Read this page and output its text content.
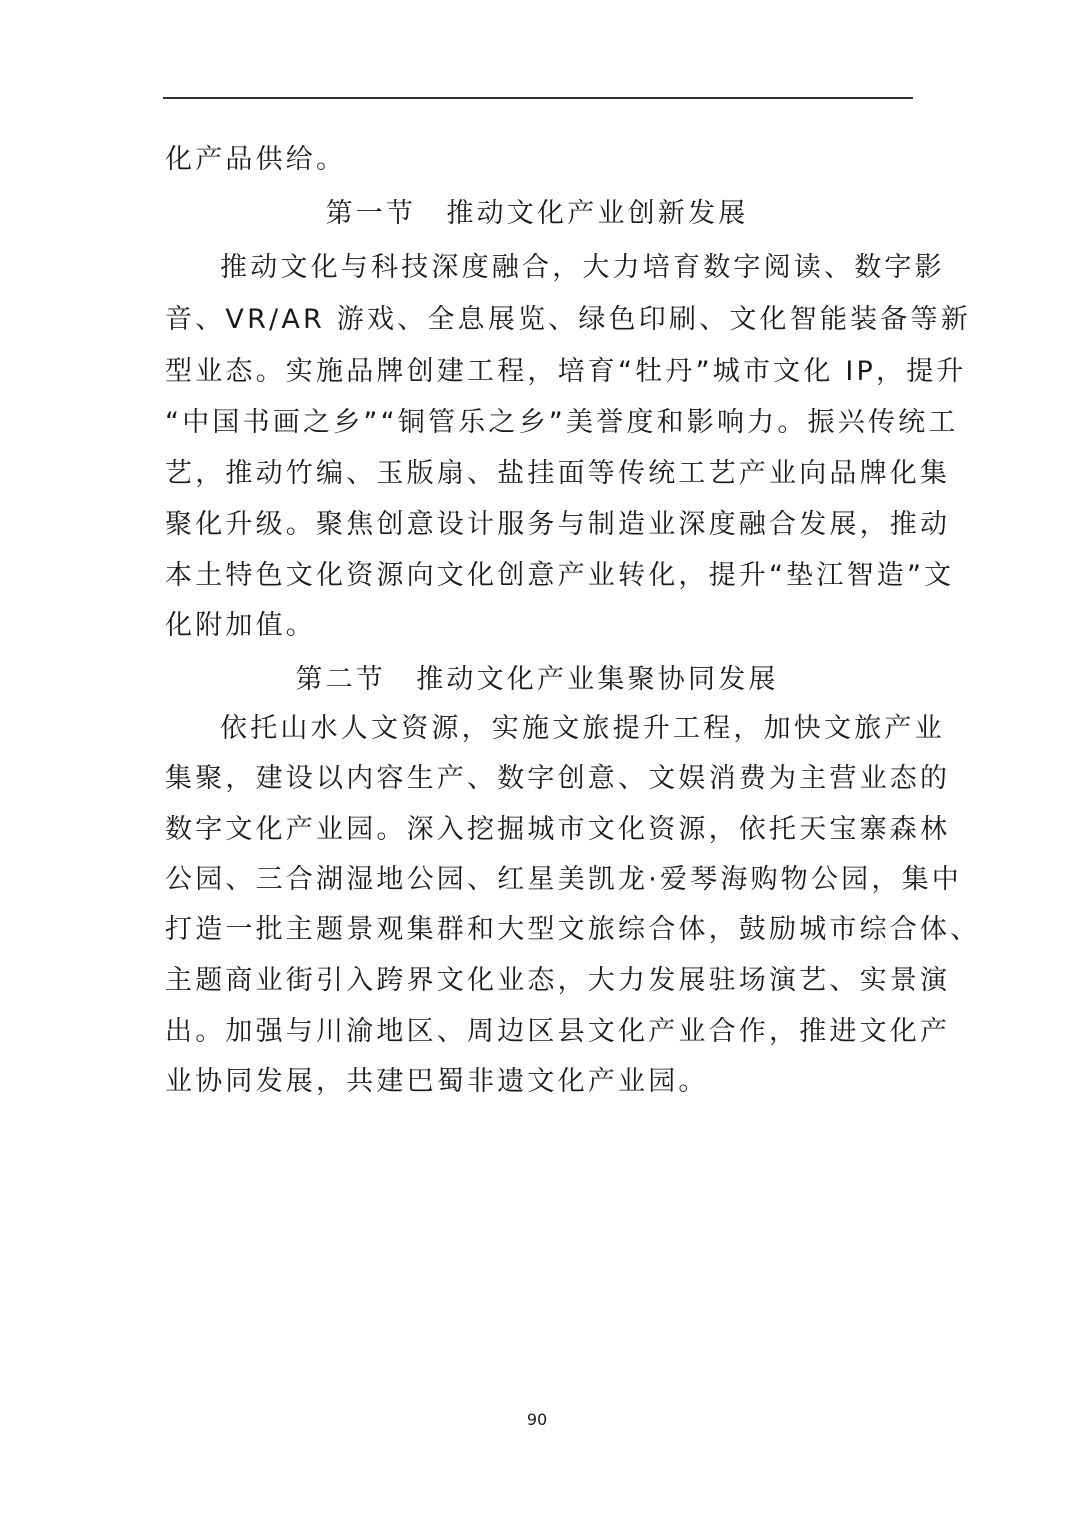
化产品供给。
第一节　推动文化产业创新发展
推动文化与科技深度融合，大力培育数字阅读、数字影
音、VR/AR 游戏、全息展览、绿色印刷、文化智能装备等新
型业态。实施品牌创建工程，培育“牡丹”城市文化 IP，提升
“中国书画之乡”“铜管乐之乡”美誉度和影响力。振兴传统工
艺，推动竹编、玉版扇、盐挂面等传统工艺产业向品牌化集
聚化升级。聚焦创意设计服务与制造业深度融合发展，推动
本土特色文化资源向文化创意产业转化，提升“垫江智造”文
化附加值。
第二节　推动文化产业集聚协同发展
依托山水人文资源，实施文旅提升工程，加快文旅产业
集聚，建设以内容生产、数字创意、文娱消费为主营业态的
数字文化产业园。深入挖掘城市文化资源，依托天宝寨森林
公园、三合湖湿地公园、红星美凯龙·爱琴海购物公园，集中
打造一批主题景观集群和大型文旅综合体，鼓励城市综合体、
主题商业街引入跨界文化业态，大力发展驻场演艺、实景演
出。加强与川渝地区、周边区县文化产业合作，推进文化产
业协同发展，共建巴蜀非遗文化产业园。
90
